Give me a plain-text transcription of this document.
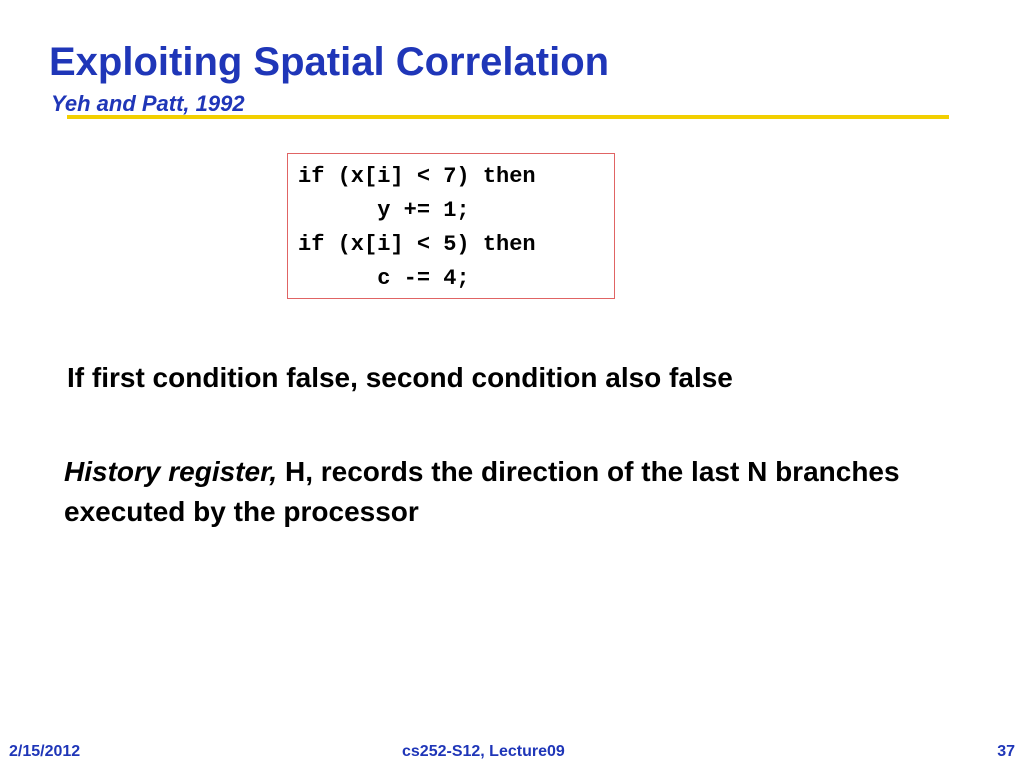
Exploiting Spatial Correlation
Yeh and Patt, 1992
if (x[i] < 7) then
y += 1;
if (x[i] < 5) then
c -= 4;

If first condition false, second condition also false

History register, H, records the direction of the last N branches executed by the processor

2/15/2012	cs252-S12, Lecture09	37
